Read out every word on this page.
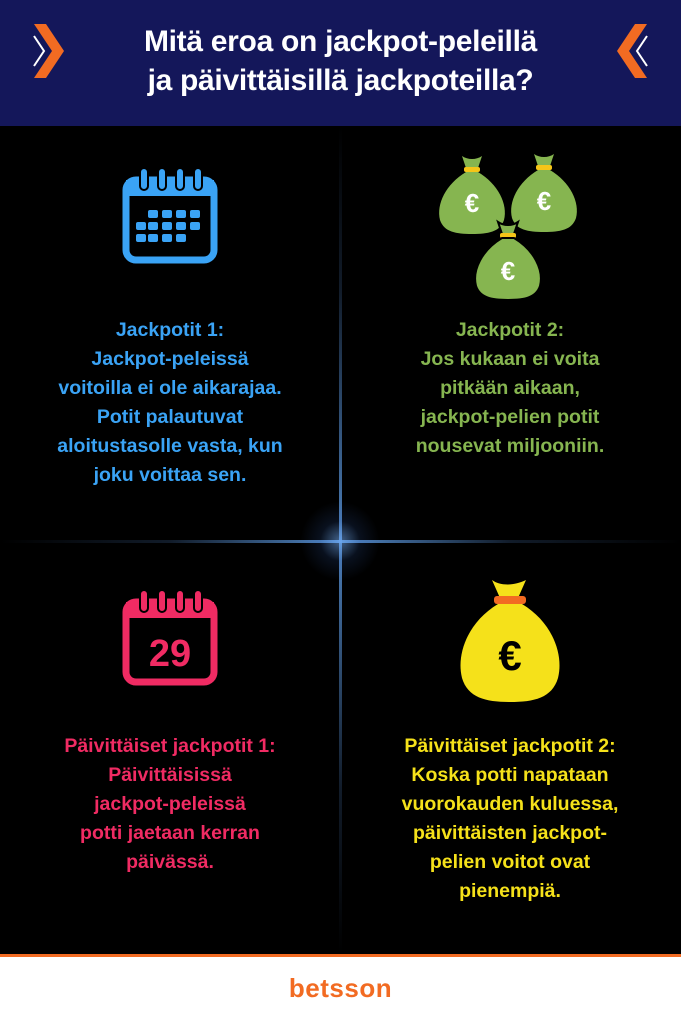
Mitä eroa on jackpot-peleillä
ja päivittäisillä jackpoteilla?
Jackpotit 1:
Jackpot-peleissä
voitoilla ei ole aikarajaa.
Potit palautuvat
aloitustasolle vasta, kun
joku voittaa sen.
€ €
€
Jackpotit 2:
Jos kukaan ei voita
pitkään aikaan,
jackpot-pelien potit
nousevat miljooniin.
29
Päivittäiset jackpotit 1:
Päivittäisissä
jackpot-peleissä
potti jaetaan kerran
päivässä.
€
Päivittäiset jackpotit 2:
Koska potti napataan
vuorokauden kuluessa,
päivittäisten jackpot-
pelien voitot ovat
pienempiä.
betsson
